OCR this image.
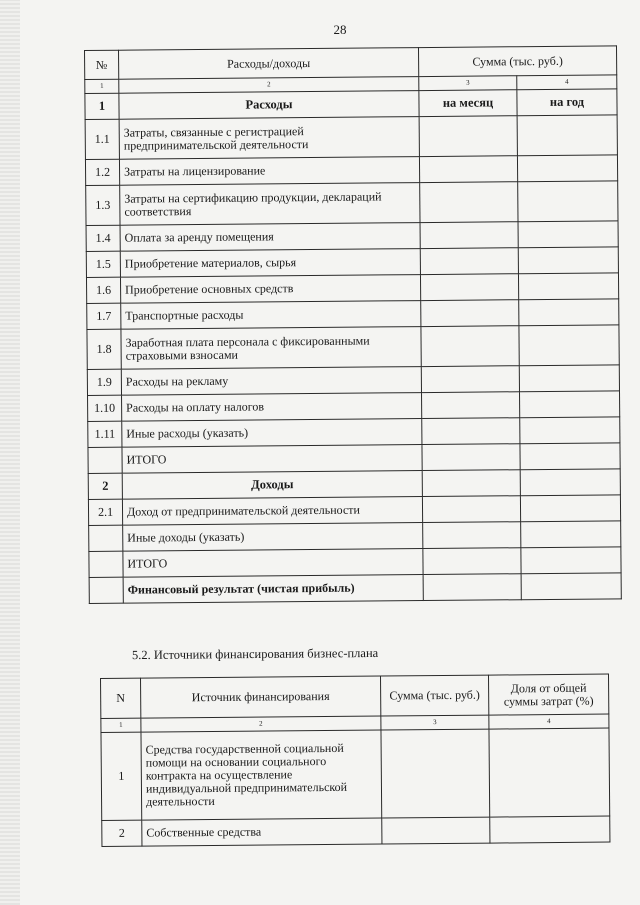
28
№	Расходы/доходы	Сумма (тыс. руб.)	
1	2	3	4
1	Расходы	на месяц	на год
1.1	Затраты, связанные с регистрацией предпринимательской деятельности		
1.2	Затраты на лицензирование		
1.3	Затраты на сертификацию продукции, деклараций соответствия		
1.4	Оплата за аренду помещения		
1.5	Приобретение материалов, сырья		
1.6	Приобретение основных средств		
1.7	Транспортные расходы		
1.8	Заработная плата персонала с фиксированными страховыми взносами		
1.9	Расходы на рекламу		
1.10	Расходы на оплату налогов		
1.11	Иные расходы (указать)		
	ИТОГО		
2	Доходы		
2.1	Доход от предпринимательской деятельности		
	Иные доходы (указать)		
	ИТОГО		
	Финансовый результат (чистая прибыль)		
5.2. Источники финансирования бизнес-плана
N	Источник финансирования	Сумма (тыс. руб.)	Доля от общей суммы затрат (%)
1	2	3	4
1	Средства государственной социальной помощи на основании социального контракта на осуществление индивидуальной предпринимательской деятельности		
2	Собственные средства		
